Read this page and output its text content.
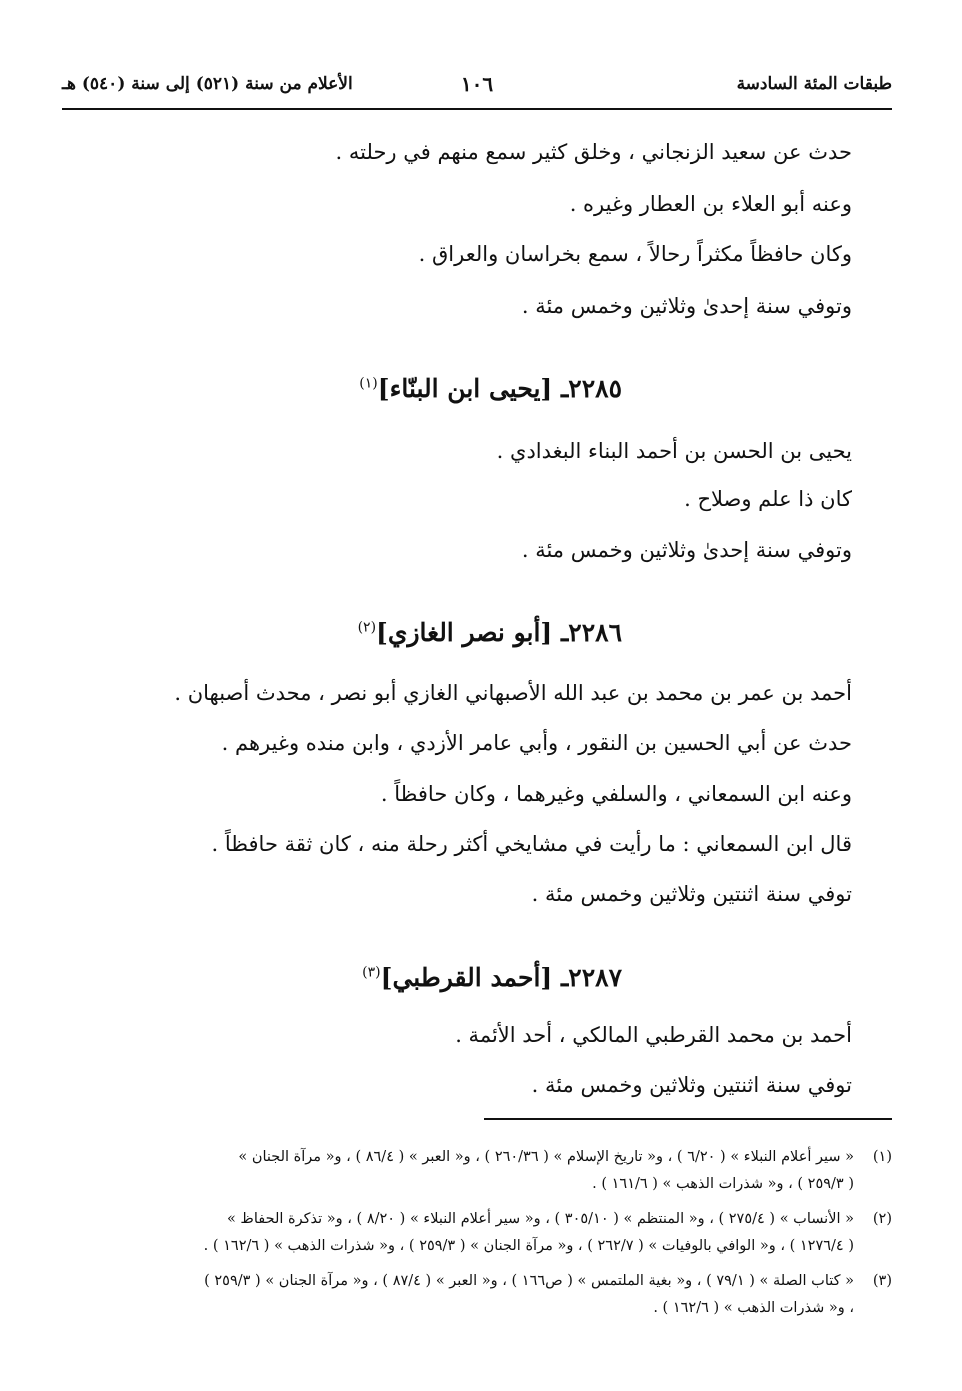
طبقات المئة السادسة
١٠٦
الأعلام من سنة (٥٢١) إلى سنة (٥٤٠) هـ
حدث عن سعيد الزنجاني ، وخلق كثير سمع منهم في رحلته .
وعنه أبو العلاء بن العطار وغيره .
وكان حافظاً مكثراً رحالاً ، سمع بخراسان والعراق .
وتوفي سنة إحدىٰ وثلاثين وخمس مئة .
٢٢٨٥ـ [يحيى ابن البنّاء]$^{(١)}$
يحيى بن الحسن بن أحمد البناء البغدادي .
كان ذا علم وصلاح .
وتوفي سنة إحدىٰ وثلاثين وخمس مئة .
٢٢٨٦ـ [أبو نصر الغازي]$^{(٢)}$
أحمد بن عمر بن محمد بن عبد الله الأصبهاني الغازي أبو نصر ، محدث أصبهان .
حدث عن أبي الحسين بن النقور ، وأبي عامر الأزدي ، وابن منده وغيرهم .
وعنه ابن السمعاني ، والسلفي وغيرهما ، وكان حافظاً .
قال ابن السمعاني : ما رأيت في مشايخي أكثر رحلة منه ، كان ثقة حافظاً .
توفي سنة اثنتين وثلاثين وخمس مئة .
٢٢٨٧ـ [أحمد القرطبي]$^{(٣)}$
أحمد بن محمد القرطبي المالكي ، أحد الأئمة .
توفي سنة اثنتين وثلاثين وخمس مئة .
(١)
« سير أعلام النبلاء » ( ٦/٢٠ ) ، و« تاريخ الإسلام » ( ٢٦٠/٣٦ ) ، و« العبر » ( ٨٦/٤ ) ، و« مرآة الجنان »
( ٢٥٩/٣ ) ، و« شذرات الذهب » ( ١٦١/٦ ) .
(٢)
« الأنساب » ( ٢٧٥/٤ ) ، و« المنتظم » ( ٣٠٥/١٠ ) ، و« سير أعلام النبلاء » ( ٨/٢٠ ) ، و« تذكرة الحفاظ »
( ١٢٧٦/٤ ) ، و« الوافي بالوفيات » ( ٢٦٢/٧ ) ، و« مرآة الجنان » ( ٢٥٩/٣ ) ، و« شذرات الذهب » ( ١٦٢/٦ ) .
(٣)
« كتاب الصلة » ( ٧٩/١ ) ، و« بغية الملتمس » ( ص١٦٦ ) ، و« العبر » ( ٨٧/٤ ) ، و« مرآة الجنان » ( ٢٥٩/٣ )
، و« شذرات الذهب » ( ١٦٢/٦ ) .
